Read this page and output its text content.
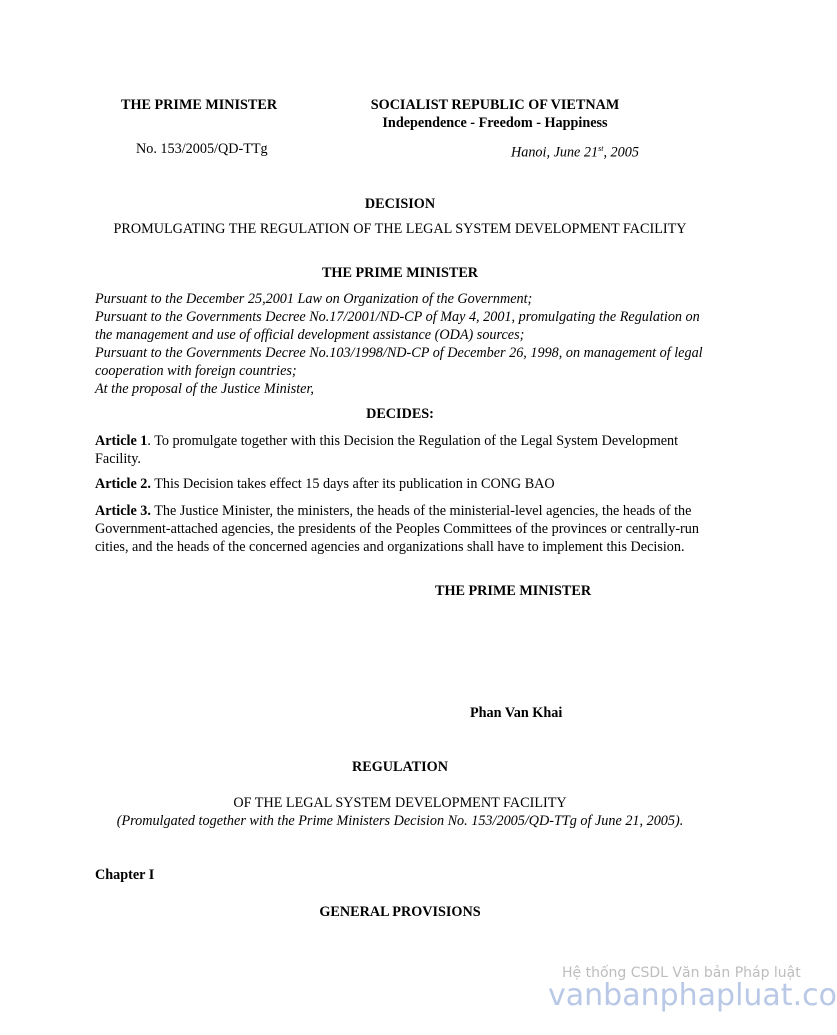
THE PRIME MINISTER	SOCIALIST REPUBLIC OF VIETNAM
Independence - Freedom - Happiness
No. 153/2005/QD-TTg	Hanoi, June 21st, 2005
DECISION
PROMULGATING THE REGULATION OF THE LEGAL SYSTEM DEVELOPMENT FACILITY
THE PRIME MINISTER

Pursuant to the December 25,2001 Law on Organization of the Government;

Pursuant to the Governments Decree No.17/2001/ND-CP of May 4, 2001, promulgating the Regulation on the management and use of official development assistance (ODA) sources;

Pursuant to the Governments Decree No.103/1998/ND-CP of December 26, 1998, on management of legal cooperation with foreign countries;

At the proposal of the Justice Minister,

DECIDES:

Article 1. To promulgate together with this Decision the Regulation of the Legal System Development Facility.

Article 2. This Decision takes effect 15 days after its publication in CONG BAO

Article 3. The Justice Minister, the ministers, the heads of the ministerial-level agencies, the heads of the Government-attached agencies, the presidents of the Peoples Committees of the provinces or centrally-run cities, and the heads of the concerned agencies and organizations shall have to implement this Decision.

THE PRIME MINISTER
Phan Van Khai
REGULATION
OF THE LEGAL SYSTEM DEVELOPMENT FACILITY
(Promulgated together with the Prime Ministers Decision No. 153/2005/QD-TTg of June 21, 2005).
Chapter I
GENERAL PROVISIONS
Hệ thống CSDL Văn bản Pháp luật
vanbanphapluat.co
